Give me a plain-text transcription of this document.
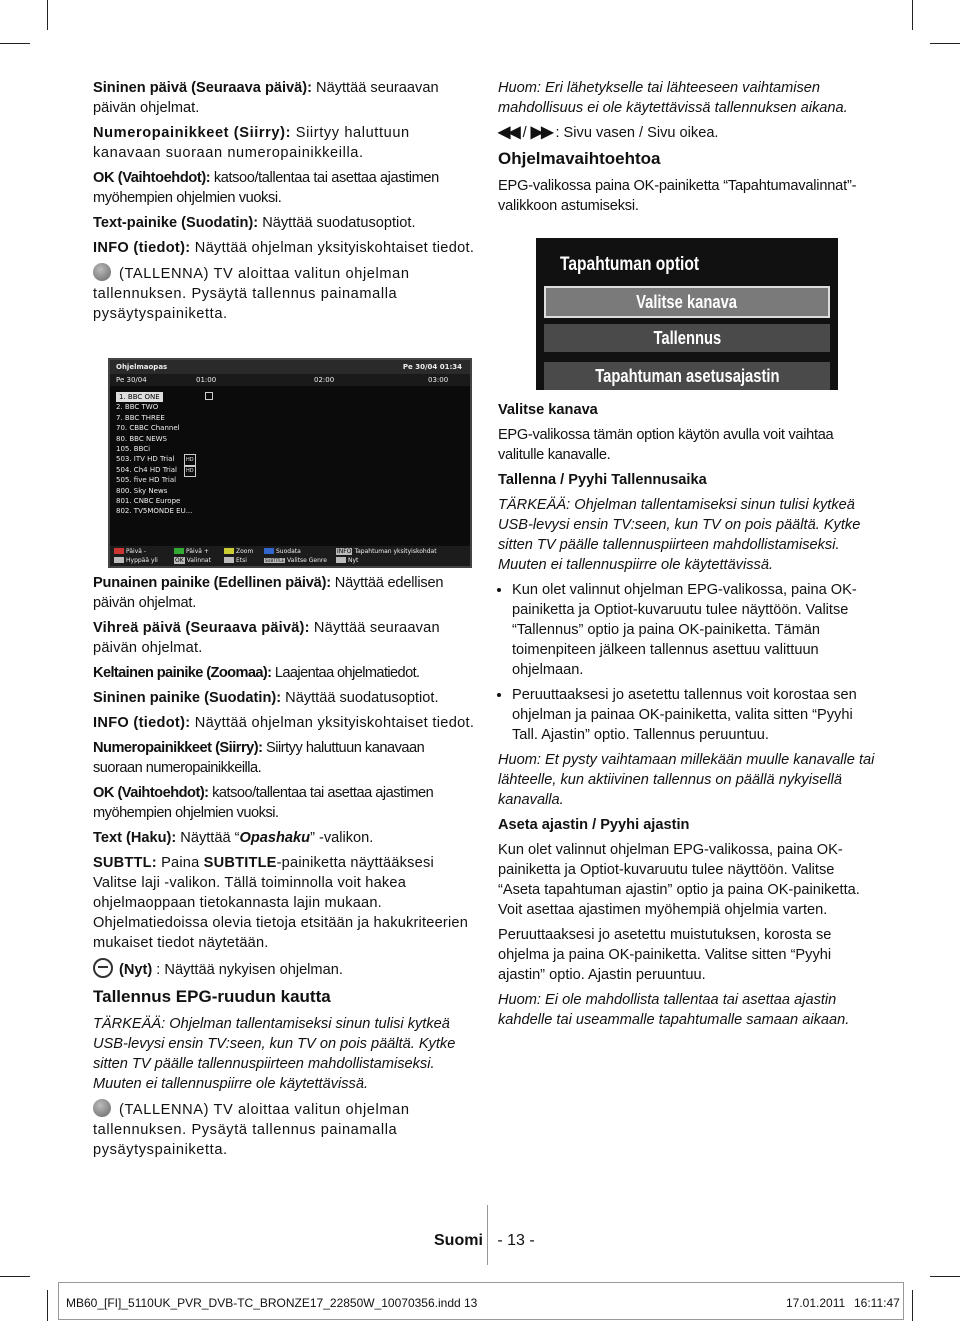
Sininen päivä (Seuraava päivä): Näyttää seuraavan päivän ohjelmat.

Numeropainikkeet (Siirry): Siirtyy haluttuun kanavaan suoraan numeropainikkeilla.

OK (Vaihtoehdot): katsoo/tallentaa tai asettaa ajastimen myöhempien ohjelmien vuoksi.

Text-painike (Suodatin): Näyttää suodatusoptiot.

INFO (tiedot): Näyttää ohjelman yksityiskohtaiset tiedot.

(TALLENNA) TV aloittaa valitun ohjelman tallennuksen. Pysäytä tallennus painamalla pysäytyspainiketta.

Ohjelmaopas	Pe 30/04 01:34
Pe 30/04	01:00	02:00	03:00
1. BBC ONE
2. BBC TWO
7. BBC THREE
70. CBBC Channel
80. BBC NEWS
105. BBCi
503. ITV HD Trial	HD
504. Ch4 HD Trial	HD
505. five HD Trial
800. Sky News
801. CNBC Europe
802. TV5MONDE EU...
Päivä -	Päivä +	Zoom	Suodata	INFO Tapahtuman yksityiskohdat
Hyppää yli	OK Valinnat	Etsi	SUBTITLE Valitse Genre	Nyt

Punainen painike (Edellinen päivä): Näyttää edellisen päivän ohjelmat.

Vihreä päivä (Seuraava päivä): Näyttää seuraavan päivän ohjelmat.

Keltainen painike (Zoomaa): Laajentaa ohjelmatiedot.

Sininen painike (Suodatin): Näyttää suodatusoptiot.

INFO (tiedot): Näyttää ohjelman yksityiskohtaiset tiedot.

Numeropainikkeet (Siirry): Siirtyy haluttuun kanavaan suoraan numeropainikkeilla.

OK (Vaihtoehdot): katsoo/tallentaa tai asettaa ajastimen myöhempien ohjelmien vuoksi.

Text (Haku): Näyttää “Opashaku” -valikon.

SUBTTL: Paina SUBTITLE-painiketta näyttääksesi Valitse laji -valikon. Tällä toiminnolla voit hakea ohjelmaoppaan tietokannasta lajin mukaan. Ohjelmatiedoissa olevia tietoja etsitään ja hakukriteerien mukaiset tiedot näytetään.

(Nyt) : Näyttää nykyisen ohjelman.

Tallennus EPG-ruudun kautta

TÄRKEÄÄ: Ohjelman tallentamiseksi sinun tulisi kytkeä USB-levysi ensin TV:seen, kun TV on pois päältä. Kytke sitten TV päälle tallennuspiirteen mahdollistamiseksi. Muuten ei tallennuspiirre ole käytettävissä.

(TALLENNA) TV aloittaa valitun ohjelman tallennuksen. Pysäytä tallennus painamalla pysäytyspainiketta.

Huom: Eri lähetykselle tai lähteeseen vaihtamisen mahdollisuus ei ole käytettävissä tallennuksen aikana.

◀◀ / ▶▶ : Sivu vasen / Sivu oikea.

Ohjelmavaihtoehtoa

EPG-valikossa paina OK-painiketta “Tapahtumavalinnat”-valikkoon astumiseksi.

Tapahtuman optiot
Valitse kanava
Tallennus
Tapahtuman asetusajastin

Valitse kanava

EPG-valikossa tämän option käytön avulla voit vaihtaa valitulle kanavalle.

Tallenna / Pyyhi Tallennusaika

TÄRKEÄÄ: Ohjelman tallentamiseksi sinun tulisi kytkeä USB-levysi ensin TV:seen, kun TV on pois päältä. Kytke sitten TV päälle tallennuspiirteen mahdollistamiseksi. Muuten ei tallennuspiirre ole käytettävissä.

• Kun olet valinnut ohjelman EPG-valikossa, paina OK-painiketta ja Optiot-kuvaruutu tulee näyttöön. Valitse “Tallennus” optio ja paina OK-painiketta. Tämän toimenpiteen jälkeen tallennus asettuu valittuun ohjelmaan.
• Peruuttaaksesi jo asetettu tallennus voit korostaa sen ohjelman ja painaa OK-painiketta, valita sitten “Pyyhi Tall. Ajastin” optio. Tallennus peruuntuu.

Huom: Et pysty vaihtamaan millekään muulle kanavalle tai lähteelle, kun aktiivinen tallennus on päällä nykyisellä kanavalla.

Aseta ajastin / Pyyhi ajastin

Kun olet valinnut ohjelman EPG-valikossa, paina OK-painiketta ja Optiot-kuvaruutu tulee näyttöön. Valitse “Aseta tapahtuman ajastin” optio ja paina OK-painiketta. Voit asettaa ajastimen myöhempiä ohjelmia varten.

Peruuttaaksesi jo asetettu muistutuksen, korosta se ohjelma ja paina OK-painiketta. Valitse sitten “Pyyhi ajastin” optio. Ajastin peruuntuu.

Huom: Ei ole mahdollista tallentaa tai asettaa ajastin kahdelle tai useammalle tapahtumalle samaan aikaan.

Suomi - 13 -
MB60_[FI]_5110UK_PVR_DVB-TC_BRONZE17_22850W_10070356.indd 13	17.01.2011 16:11:47
